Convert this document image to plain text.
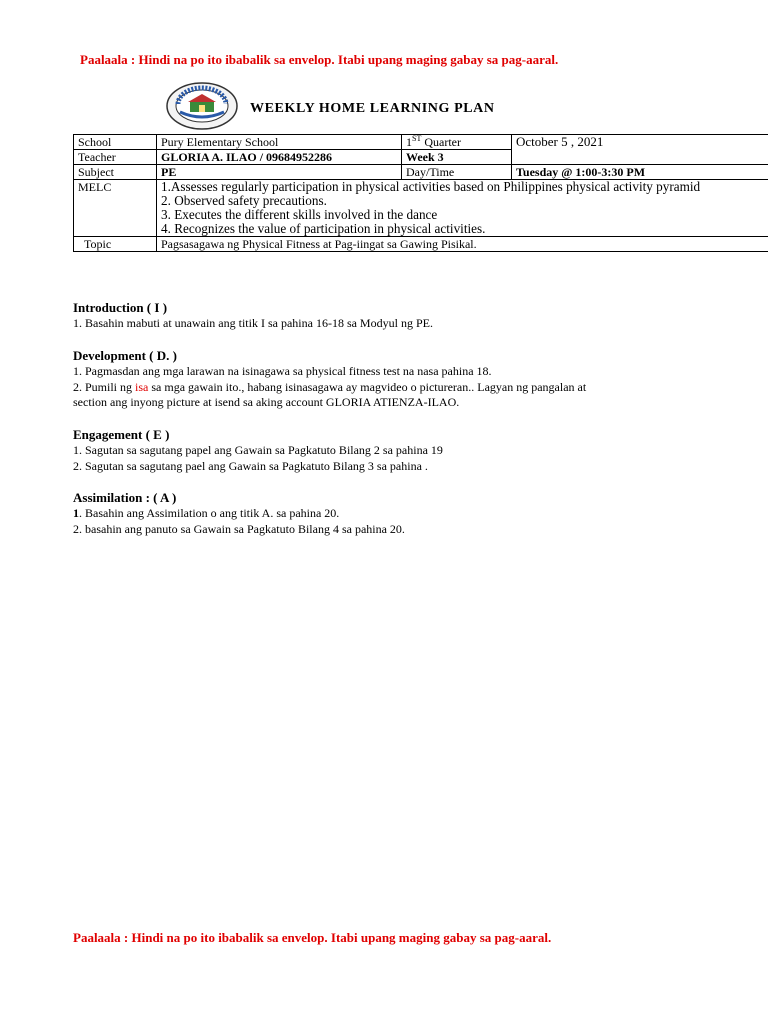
Paalaala : Hindi na po ito ibabalik sa envelop. Itabi upang maging gabay sa pag-aaral.
WEEKLY HOME LEARNING PLAN
School	Pury Elementary School	1ST Quarter	October 5 , 2021
Teacher	GLORIA A. ILAO / 09684952286	Week 3	
Subject	PE	Day/Time	Tuesday @ 1:00-3:30 PM
MELC	1.Assesses regularly participation in physical activities based on Philippines physical activity pyramid
2. Observed safety precautions.
3. Executes the different skills involved in the dance
4. Recognizes the value of participation in physical activities.		

Topic	Pagsasagawa ng Physical Fitness at Pag-iingat sa Gawing Pisikal.		
Introduction ( I )
1. Basahin mabuti at unawain ang titik I sa pahina 16-18 sa Modyul ng PE.
Development ( D. )
1. Pagmasdan ang mga larawan na isinagawa sa physical fitness test na nasa pahina 18.
2. Pumili ng isa sa mga gawain ito., habang isinasagawa ay magvideo o pictureran.. Lagyan ng pangalan at
section ang inyong picture at isend sa aking account GLORIA ATIENZA-ILAO.
Engagement ( E )
1. Sagutan sa sagutang papel ang Gawain sa Pagkatuto Bilang 2 sa pahina 19
2. Sagutan sa sagutang pael ang Gawain sa Pagkatuto Bilang 3 sa pahina .
Assimilation : ( A )
1. Basahin ang Assimilation o ang titik A. sa pahina 20.
2. basahin ang panuto sa Gawain sa Pagkatuto Bilang 4 sa pahina 20.
Paalaala : Hindi na po ito ibabalik sa envelop. Itabi upang maging gabay sa pag-aaral.
